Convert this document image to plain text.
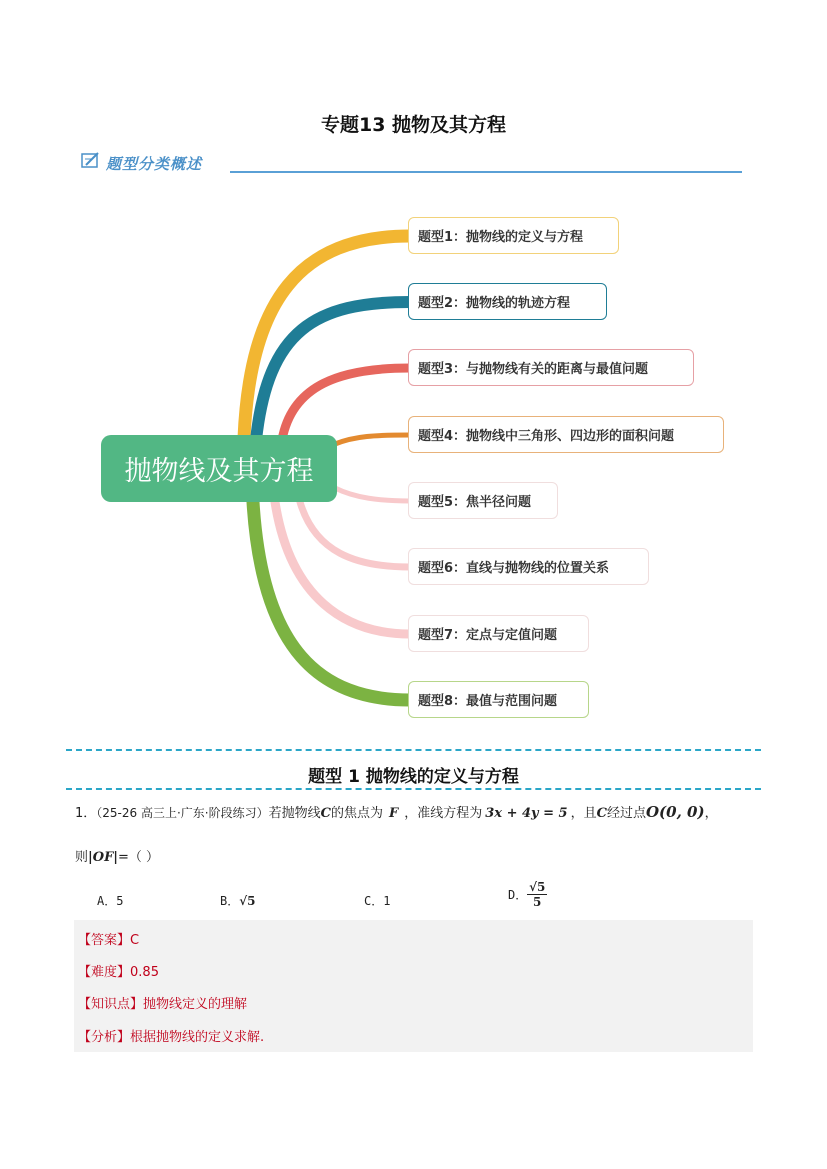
专题13 抛物及其方程
题型分类概述
抛物线及其方程
题型1：抛物线的定义与方程
题型2：抛物线的轨迹方程
题型3：与抛物线有关的距离与最值问题
题型4：抛物线中三角形、四边形的面积问题
题型5：焦半径问题
题型6：直线与抛物线的位置关系
题型7：定点与定值问题
题型8：最值与范围问题
题型 1 抛物线的定义与方程
1．（25-26 高三上·广东·阶段练习）若抛物线C的焦点为 F ，准线方程为 3x + 4y = 5 ，且C经过点O(0, 0)，
则|OF|=（ ）
A．5	B．√5	C．1	D．
√5
5
【答案】C
【难度】0.85
【知识点】抛物线定义的理解
【分析】根据抛物线的定义求解.
